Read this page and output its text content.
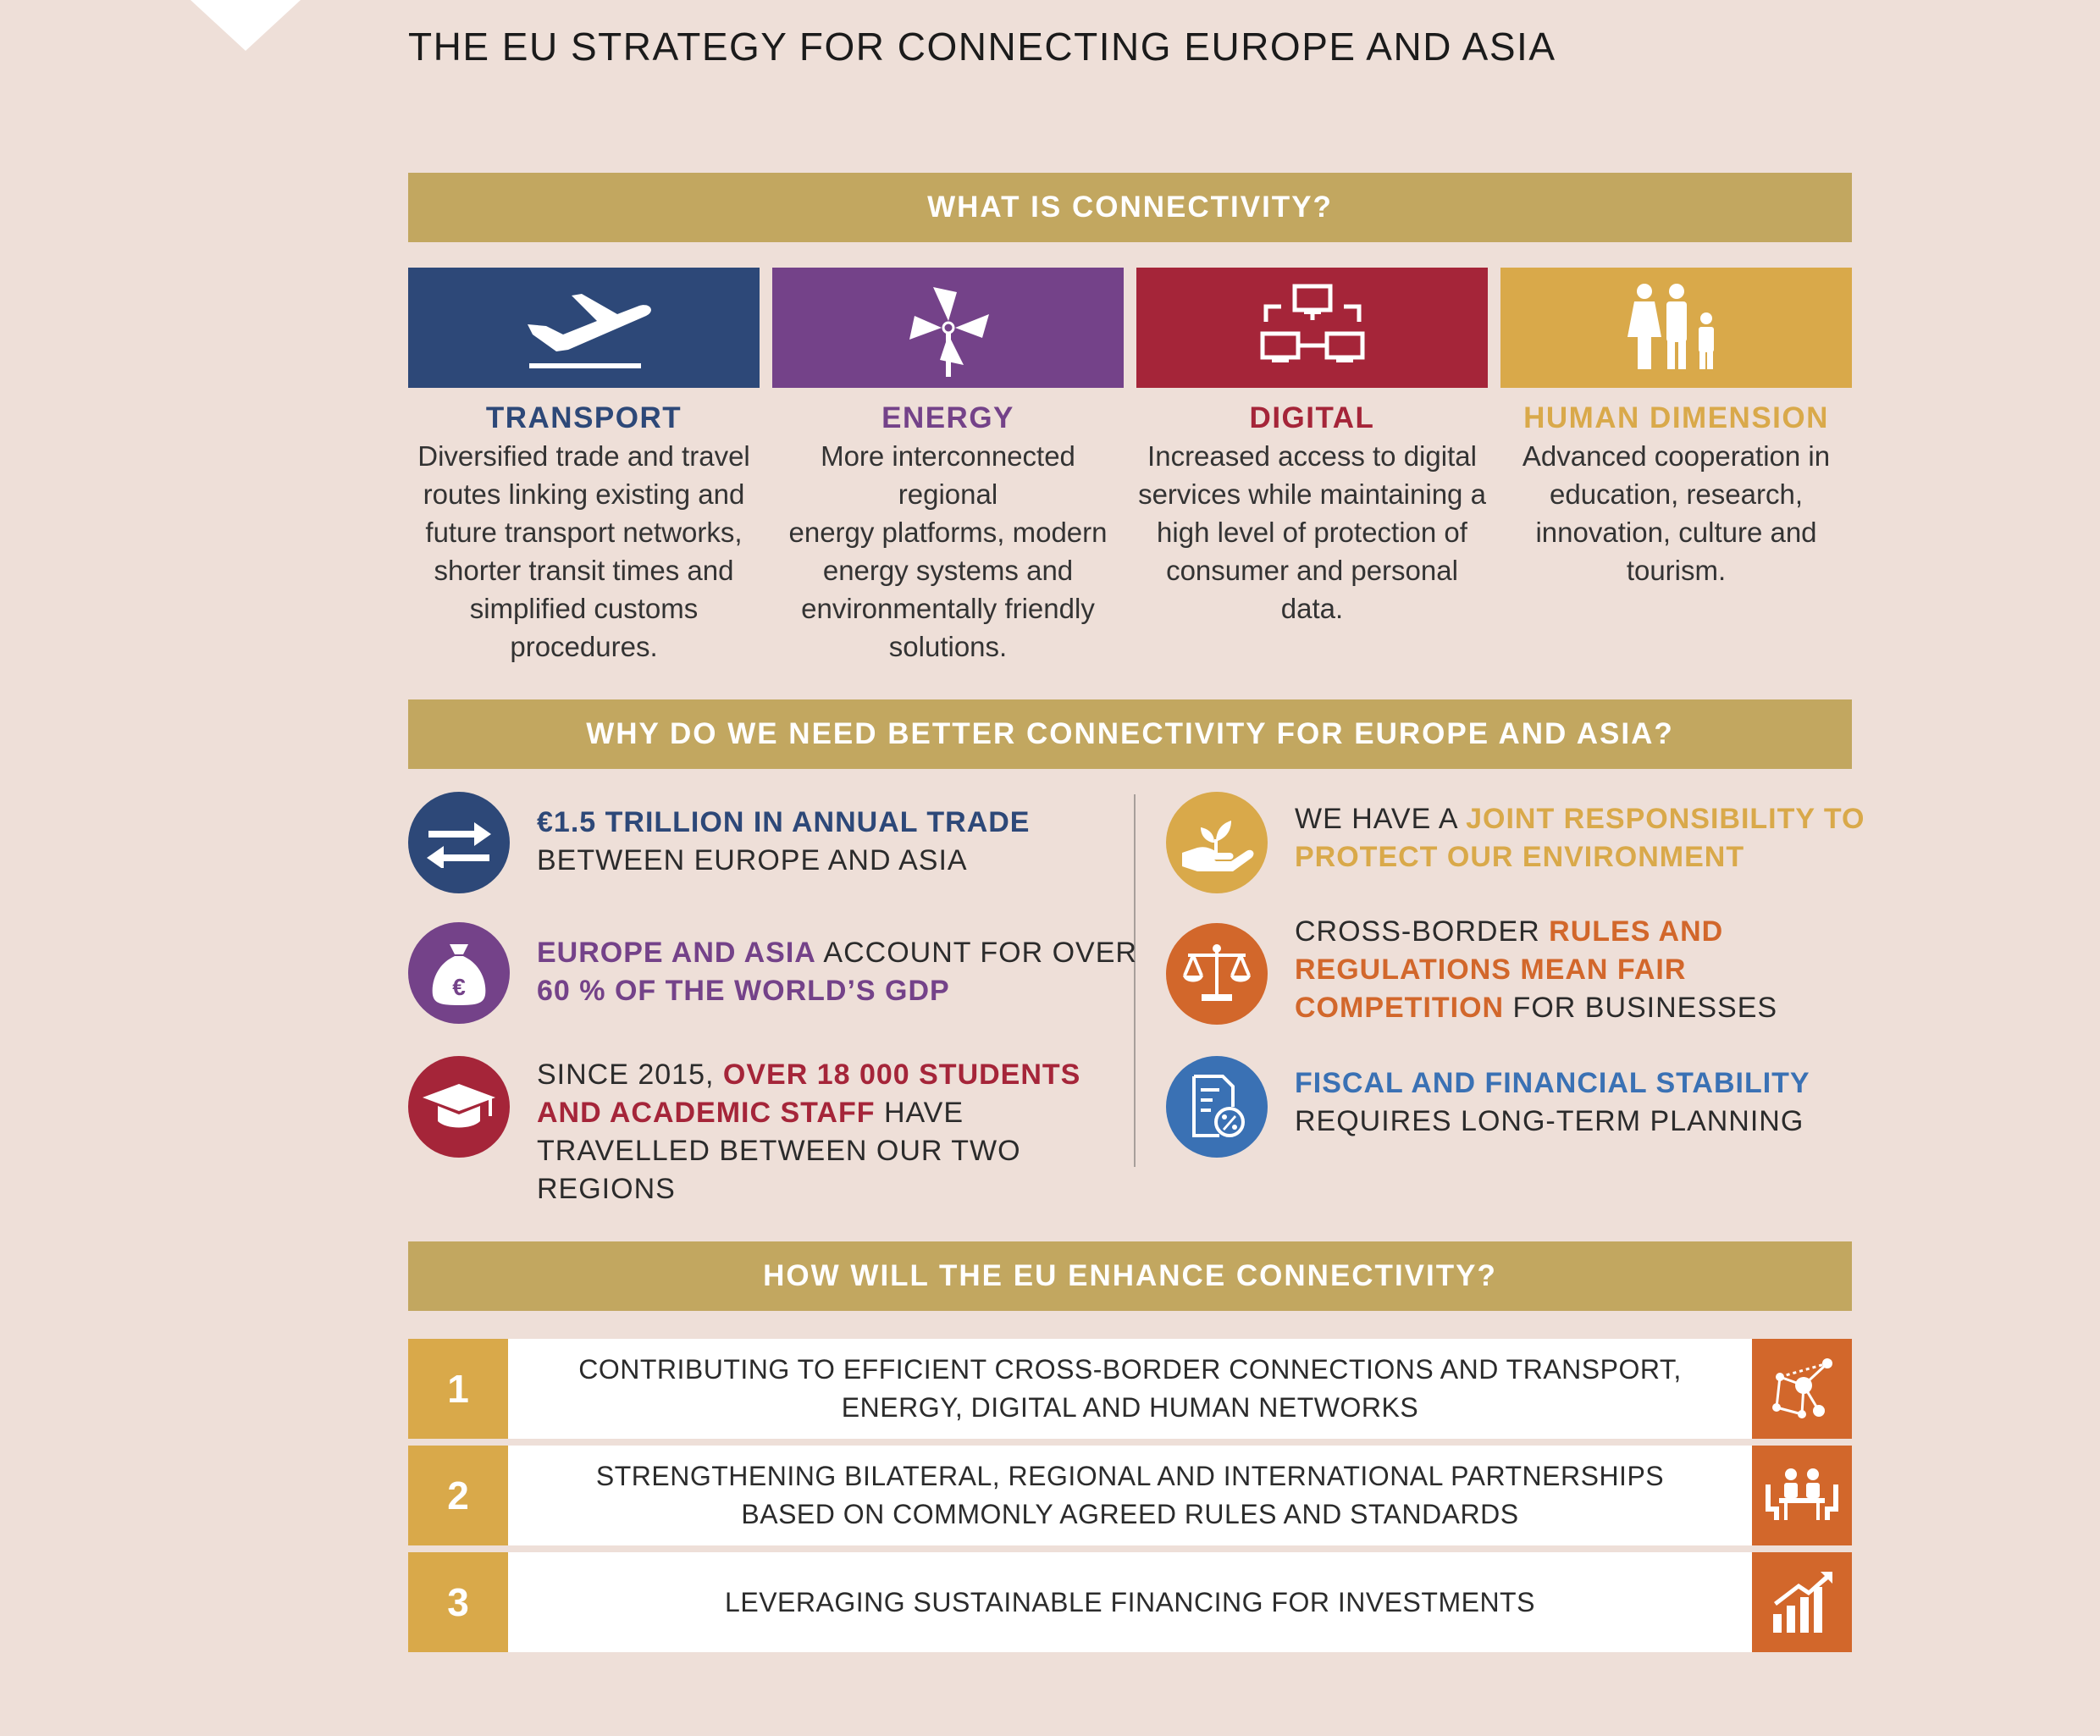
THE EU STRATEGY FOR CONNECTING EUROPE AND ASIA
WHAT IS CONNECTIVITY?
TRANSPORT
Diversified trade and travel
routes linking existing and
future transport networks,
shorter transit times and
simplified customs
procedures.
ENERGY
More interconnected regional
energy platforms, modern
energy systems and
environmentally friendly
solutions.
DIGITAL
Increased access to digital
services while maintaining a
high level of protection of
consumer and personal data.
HUMAN DIMENSION
Advanced cooperation in
education, research,
innovation, culture and
tourism.
WHY DO WE NEED BETTER CONNECTIVITY FOR EUROPE AND ASIA?
€1.5 TRILLION IN ANNUAL TRADE
BETWEEN EUROPE AND ASIA
€
EUROPE AND ASIA ACCOUNT FOR OVER
60 % OF THE WORLD’S GDP
SINCE 2015, OVER 18 000 STUDENTS
AND ACADEMIC STAFF HAVE
TRAVELLED BETWEEN OUR TWO
REGIONS
WE HAVE A JOINT RESPONSIBILITY TO
PROTECT OUR ENVIRONMENT
CROSS-BORDER RULES AND
REGULATIONS MEAN FAIR
COMPETITION FOR BUSINESSES
FISCAL AND FINANCIAL STABILITY
REQUIRES LONG-TERM PLANNING
HOW WILL THE EU ENHANCE CONNECTIVITY?
1	CONTRIBUTING TO EFFICIENT CROSS-BORDER CONNECTIONS AND TRANSPORT,
ENERGY, DIGITAL AND HUMAN NETWORKS
2	STRENGTHENING BILATERAL, REGIONAL AND INTERNATIONAL PARTNERSHIPS
BASED ON COMMONLY AGREED RULES AND STANDARDS
3	LEVERAGING SUSTAINABLE FINANCING FOR INVESTMENTS
